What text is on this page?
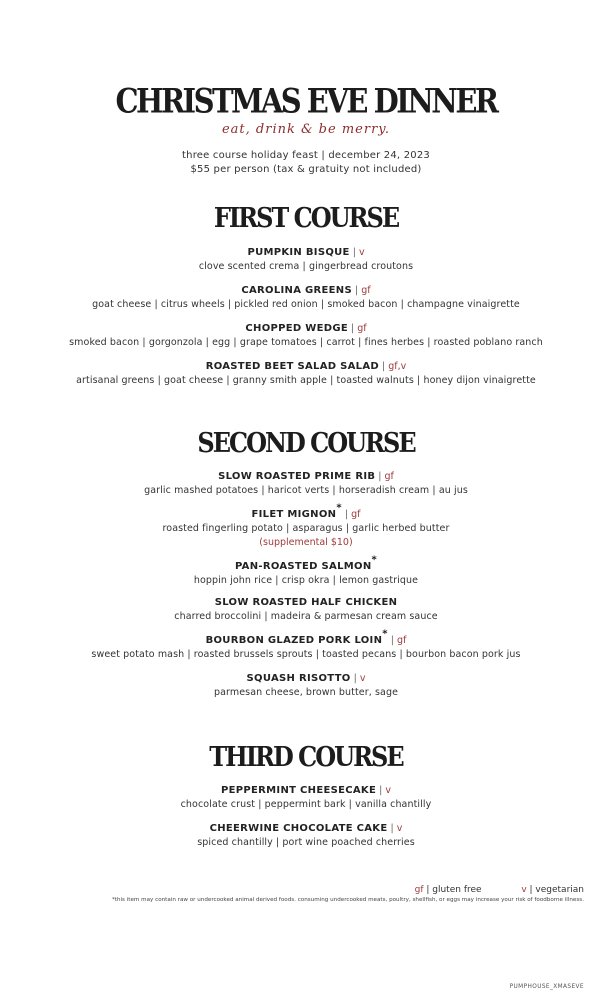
CHRISTMAS EVE DINNER
eat, drink & be merry.
three course holiday feast | december 24, 2023
$55 per person (tax & gratuity not included)
FIRST COURSE
PUMPKIN BISQUE | v
clove scented crema | gingerbread croutons
CAROLINA GREENS | gf
goat cheese | citrus wheels | pickled red onion | smoked bacon | champagne vinaigrette
CHOPPED WEDGE | gf
smoked bacon | gorgonzola | egg | grape tomatoes | carrot | fines herbes | roasted poblano ranch
ROASTED BEET SALAD SALAD | gf,v
artisanal greens | goat cheese | granny smith apple | toasted walnuts | honey dijon vinaigrette
SECOND COURSE
SLOW ROASTED PRIME RIB | gf
garlic mashed potatoes | haricot verts | horseradish cream | au jus
FILET MIGNON* | gf
roasted fingerling potato | asparagus | garlic herbed butter
(supplemental $10)
PAN-ROASTED SALMON*
hoppin john rice | crisp okra | lemon gastrique
SLOW ROASTED HALF CHICKEN
charred broccolini | madeira & parmesan cream sauce
BOURBON GLAZED PORK LOIN* | gf
sweet potato mash | roasted brussels sprouts | toasted pecans | bourbon bacon pork jus
SQUASH RISOTTO | v
parmesan cheese, brown butter, sage
THIRD COURSE
PEPPERMINT CHEESECAKE | v
chocolate crust | peppermint bark | vanilla chantilly
CHEERWINE CHOCOLATE CAKE | v
spiced chantilly | port wine poached cherries
gf | gluten free	v | vegetarian
*this item may contain raw or undercooked animal derived foods. consuming undercooked meats, poultry, shellfish, or eggs may increase your risk of foodborne illness.
PUMPHOUSE_XMASEVE
